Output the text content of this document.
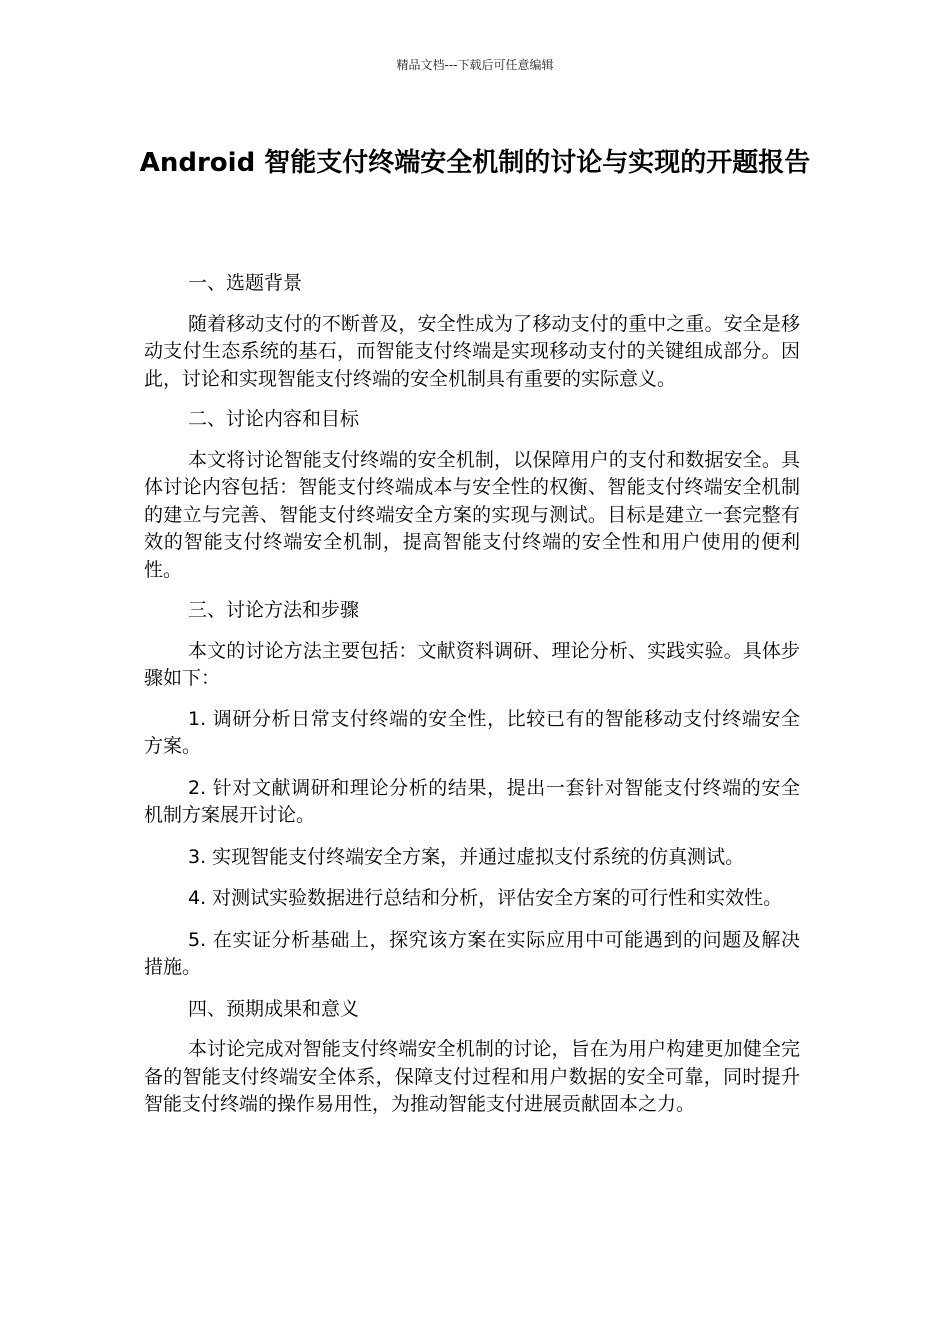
精品文档---下载后可任意编辑
Android 智能支付终端安全机制的讨论与实现的开题报告

一、选题背景

随着移动支付的不断普及，安全性成为了移动支付的重中之重。安全是移动支付生态系统的基石，而智能支付终端是实现移动支付的关键组成部分。因此，讨论和实现智能支付终端的安全机制具有重要的实际意义。

二、讨论内容和目标

本文将讨论智能支付终端的安全机制，以保障用户的支付和数据安全。具体讨论内容包括：智能支付终端成本与安全性的权衡、智能支付终端安全机制的建立与完善、智能支付终端安全方案的实现与测试。目标是建立一套完整有效的智能支付终端安全机制，提高智能支付终端的安全性和用户使用的便利性。

三、讨论方法和步骤

本文的讨论方法主要包括：文献资料调研、理论分析、实践实验。具体步骤如下：

1. 调研分析日常支付终端的安全性，比较已有的智能移动支付终端安全方案。

2. 针对文献调研和理论分析的结果，提出一套针对智能支付终端的安全机制方案展开讨论。

3. 实现智能支付终端安全方案，并通过虚拟支付系统的仿真测试。

4. 对测试实验数据进行总结和分析，评估安全方案的可行性和实效性。

5. 在实证分析基础上，探究该方案在实际应用中可能遇到的问题及解决措施。

四、预期成果和意义

本讨论完成对智能支付终端安全机制的讨论，旨在为用户构建更加健全完备的智能支付终端安全体系，保障支付过程和用户数据的安全可靠，同时提升智能支付终端的操作易用性，为推动智能支付进展贡献固本之力。
